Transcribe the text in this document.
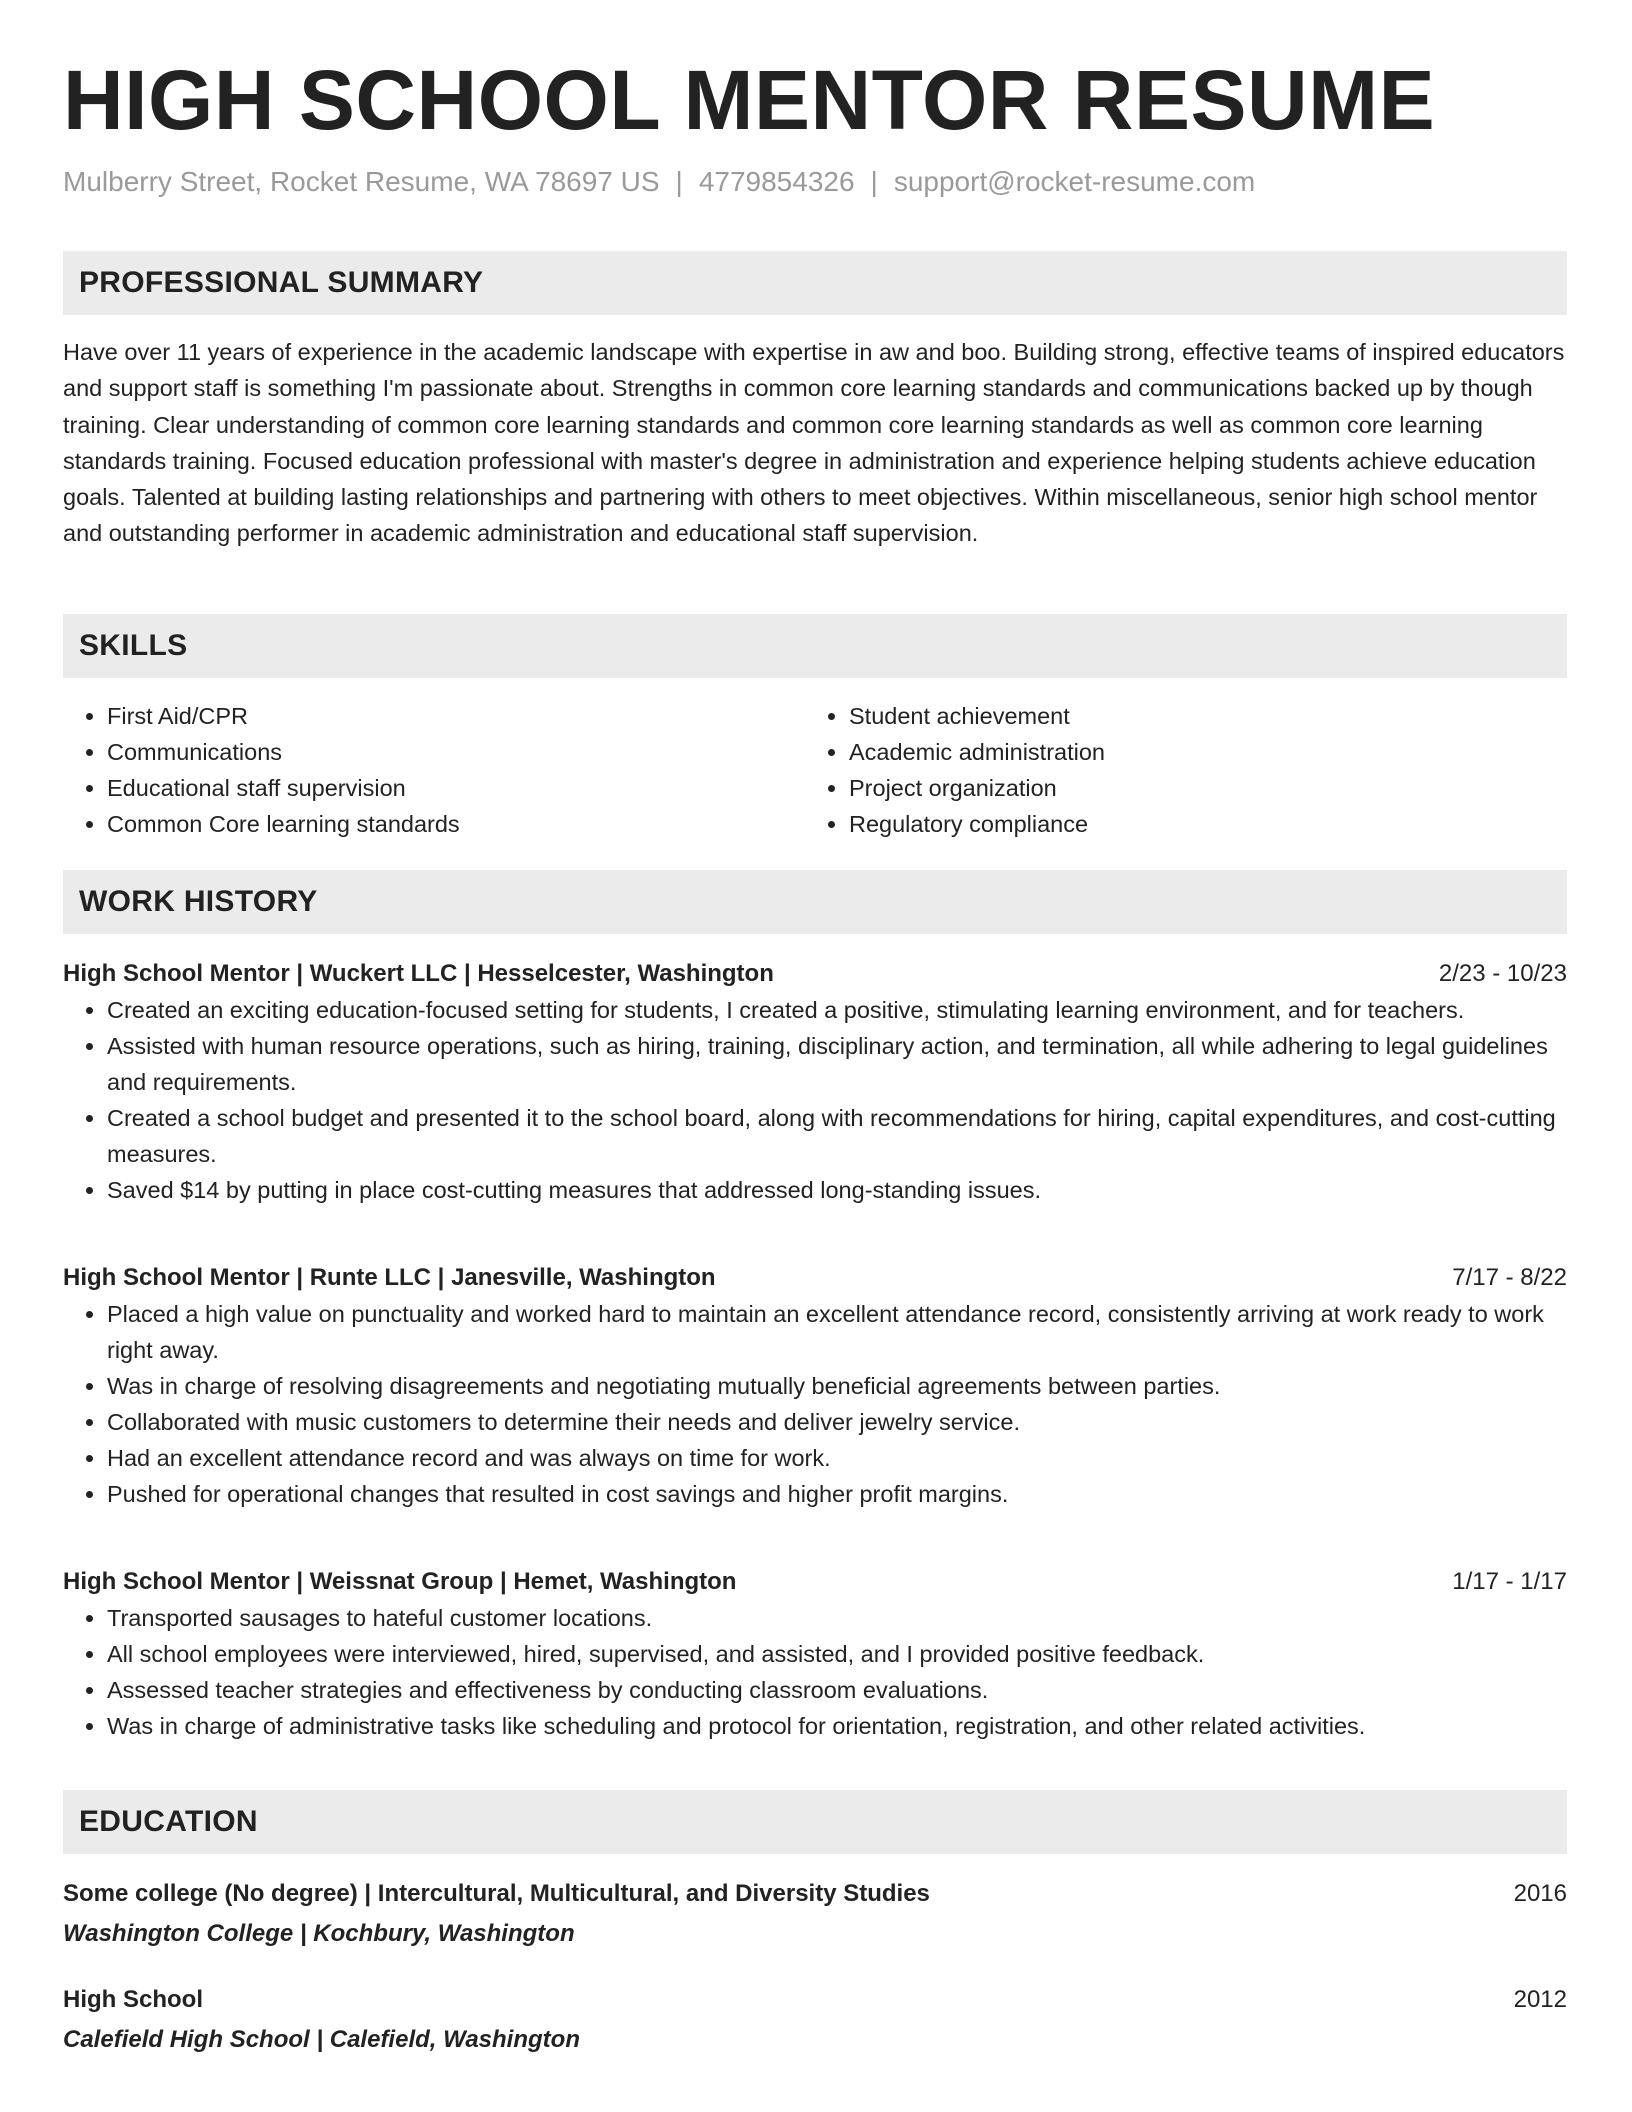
HIGH SCHOOL MENTOR RESUME
Mulberry Street, Rocket Resume, WA 78697 US | 4779854326 | support@rocket-resume.com
PROFESSIONAL SUMMARY

Have over 11 years of experience in the academic landscape with expertise in aw and boo. Building strong, effective teams of inspired educators and support staff is something I'm passionate about. Strengths in common core learning standards and communications backed up by though training. Clear understanding of common core learning standards and common core learning standards as well as common core learning standards training. Focused education professional with master's degree in administration and experience helping students achieve education goals. Talented at building lasting relationships and partnering with others to meet objectives. Within miscellaneous, senior high school mentor and outstanding performer in academic administration and educational staff supervision.

SKILLS
• First Aid/CPR
• Communications
• Educational staff supervision
• Common Core learning standards
• Student achievement
• Academic administration
• Project organization
• Regulatory compliance
WORK HISTORY
High School Mentor | Wuckert LLC | Hesselcester, Washington	2/23 - 10/23
• Created an exciting education-focused setting for students, I created a positive, stimulating learning environment, and for teachers.
• Assisted with human resource operations, such as hiring, training, disciplinary action, and termination, all while adhering to legal guidelines and requirements.
• Created a school budget and presented it to the school board, along with recommendations for hiring, capital expenditures, and cost-cutting measures.
• Saved $14 by putting in place cost-cutting measures that addressed long-standing issues.
High School Mentor | Runte LLC | Janesville, Washington	7/17 - 8/22
• Placed a high value on punctuality and worked hard to maintain an excellent attendance record, consistently arriving at work ready to work right away.
• Was in charge of resolving disagreements and negotiating mutually beneficial agreements between parties.
• Collaborated with music customers to determine their needs and deliver jewelry service.
• Had an excellent attendance record and was always on time for work.
• Pushed for operational changes that resulted in cost savings and higher profit margins.
High School Mentor | Weissnat Group | Hemet, Washington	1/17 - 1/17
• Transported sausages to hateful customer locations.
• All school employees were interviewed, hired, supervised, and assisted, and I provided positive feedback.
• Assessed teacher strategies and effectiveness by conducting classroom evaluations.
• Was in charge of administrative tasks like scheduling and protocol for orientation, registration, and other related activities.
EDUCATION
Some college (No degree) | Intercultural, Multicultural, and Diversity Studies	2016
Washington College | Kochbury, Washington
High School	2012
Calefield High School | Calefield, Washington
